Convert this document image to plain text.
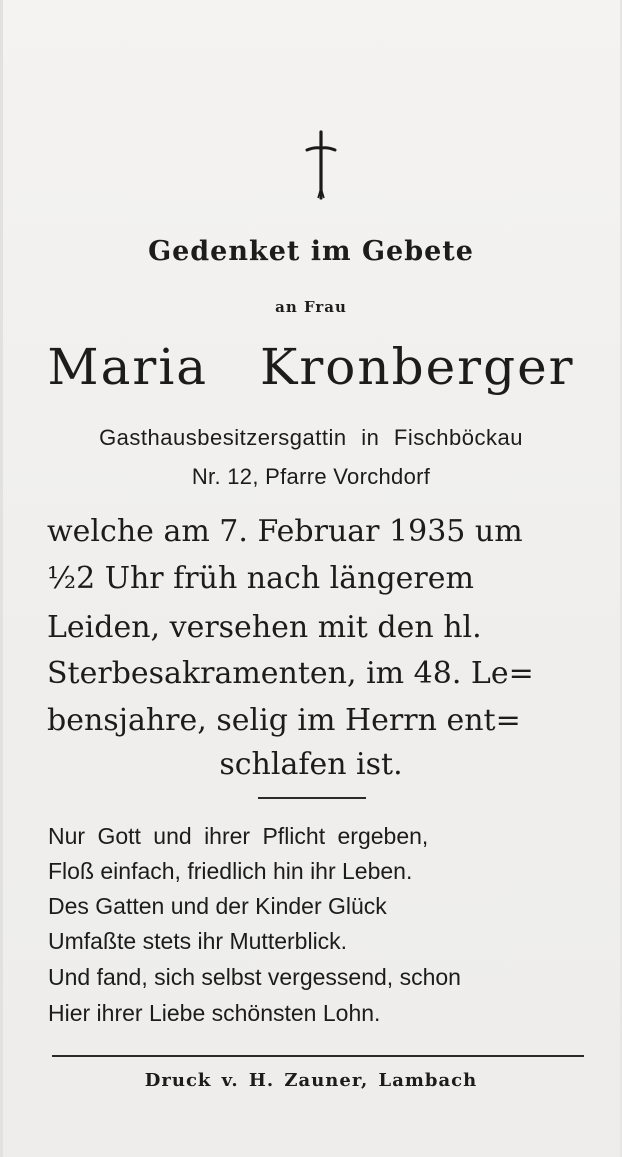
Gedenket im Gebete
an Frau
Maria Kronberger
Gasthausbesitzersgattin in Fischböckau
Nr. 12, Pfarre Vorchdorf
welche am 7. Februar 1935 um
½2 Uhr früh nach längerem
Leiden, versehen mit den hl.
Sterbesakramenten, im 48. Le=
bensjahre, selig im Herrn ent=
schlafen ist.
Nur Gott und ihrer Pflicht ergeben,
Floß einfach, friedlich hin ihr Leben.
Des Gatten und der Kinder Glück
Umfaßte stets ihr Mutterblick.
Und fand, sich selbst vergessend, schon
Hier ihrer Liebe schönsten Lohn.
Druck v. H. Zauner, Lambach
